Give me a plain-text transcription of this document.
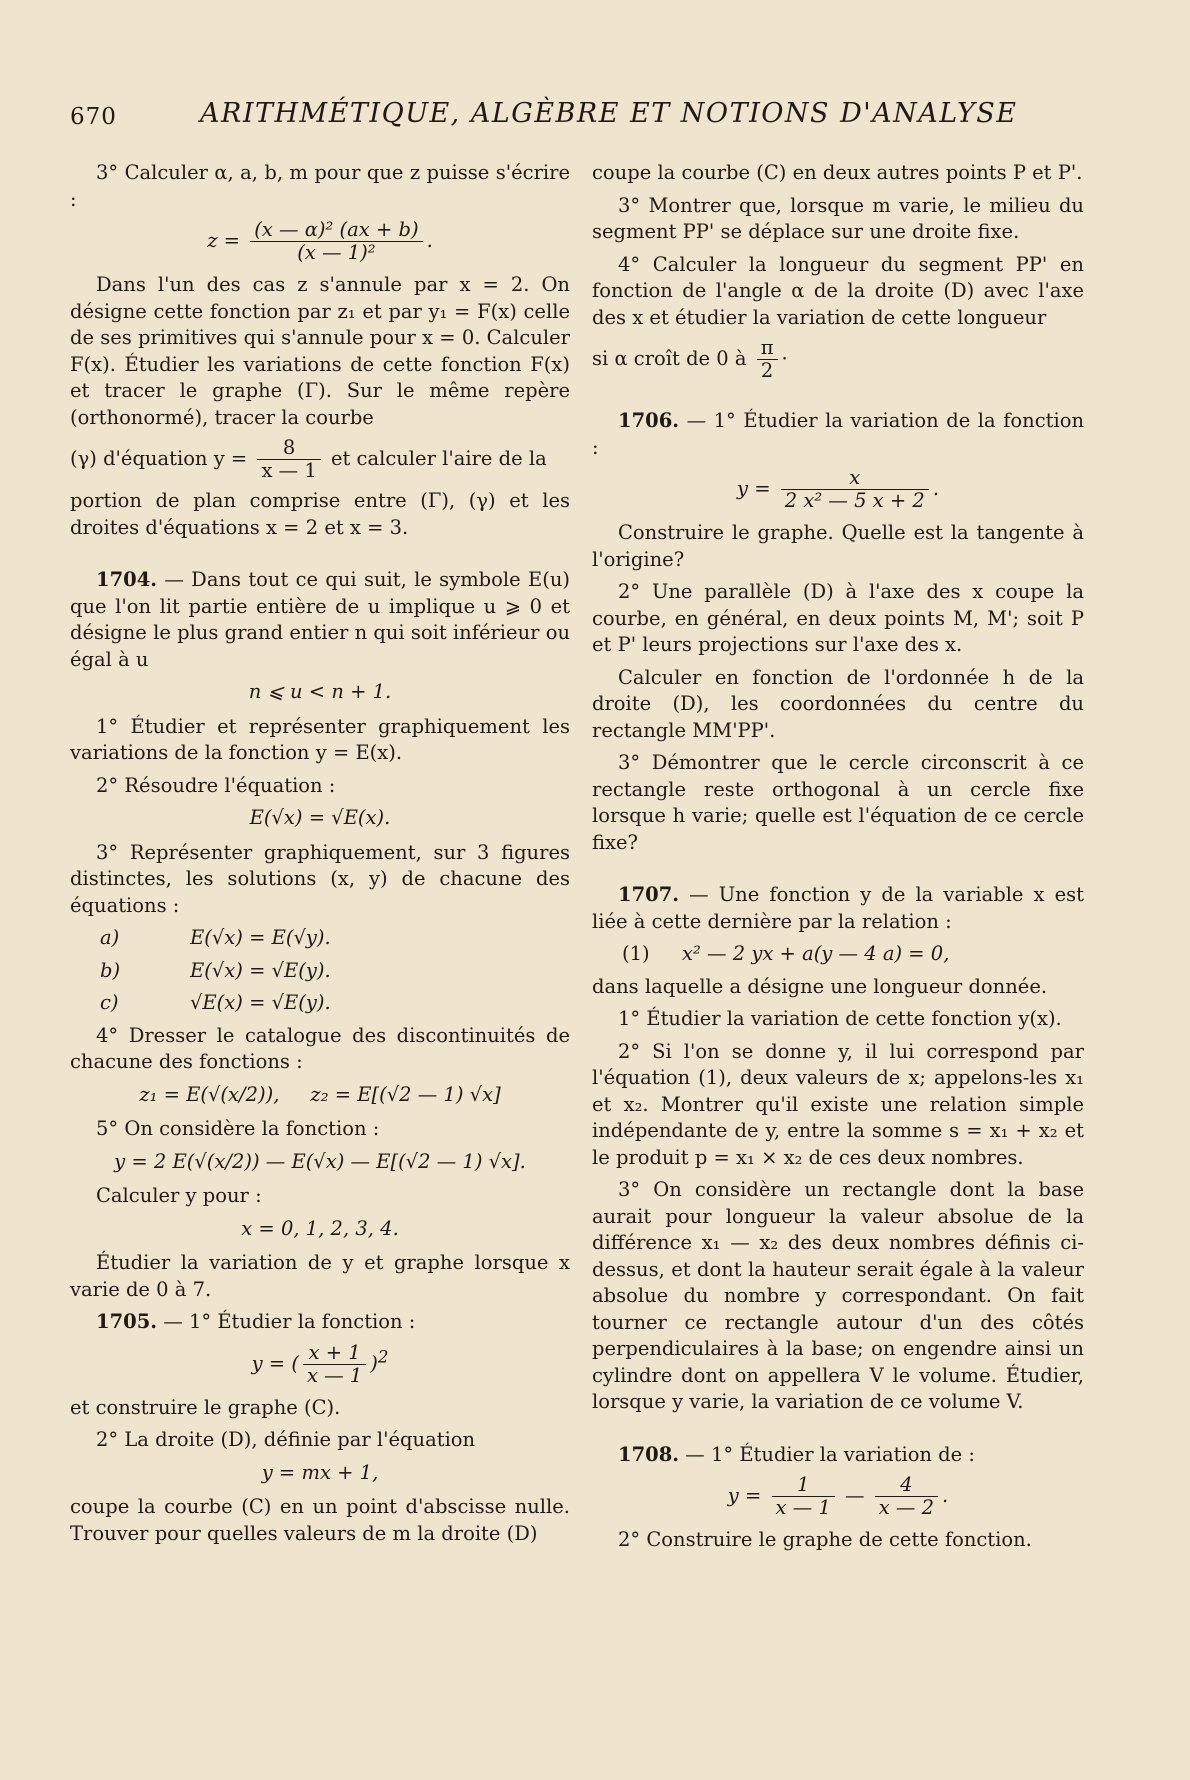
670	ARITHMÉTIQUE, ALGÈBRE ET NOTIONS D'ANALYSE

3° Calculer α, a, b, m pour que z puisse s'écrire :

$z = \frac{\text{(x — α)² (ax + b)}}{\text{(x — 1)²}}$ .

Dans l'un des cas z s'annule par x = 2. On désigne cette fonction par z₁ et par y₁ = F(x) celle de ses primitives qui s'annule pour x = 0. Calculer F(x). Étudier les variations de cette fonction F(x) et tracer le graphe (Γ). Sur le même repère (orthonormé), tracer la courbe

(γ) d'équation $y = \frac{8}{x — 1}$ et calculer l'aire de la

portion de plan comprise entre (Γ), (γ) et les droites d'équations x = 2 et x = 3.

1704. — Dans tout ce qui suit, le symbole E(u) que l'on lit partie entière de u implique u ⩾ 0 et désigne le plus grand entier n qui soit inférieur ou égal à u

n ⩽ u < n + 1.

1° Étudier et représenter graphiquement les variations de la fonction y = E(x).

2° Résoudre l'équation :

E(√x) = √E(x).

3° Représenter graphiquement, sur 3 figures distinctes, les solutions (x, y) de chacune des équations :

a)	E(√x) = E(√y).
b)	E(√x) = √E(y).
c)	√E(x) = √E(y).

4° Dresser le catalogue des discontinuités de chacune des fonctions :

z₁ = E(√(x/2)), z₂ = E[(√2 — 1) √x]

5° On considère la fonction :

y = 2 E(√(x/2)) — E(√x) — E[(√2 — 1) √x].

Calculer y pour :

x = 0, 1, 2, 3, 4.

Étudier la variation de y et graphe lorsque x varie de 0 à 7.

1705. — 1° Étudier la fonction :

y = ( $\frac{x + 1}{x — 1} )^2$

et construire le graphe (C).

2° La droite (D), définie par l'équation

y = mx + 1,

coupe la courbe (C) en un point d'abscisse nulle. Trouver pour quelles valeurs de m la droite (D)

coupe la courbe (C) en deux autres points P et P'.

3° Montrer que, lorsque m varie, le milieu du segment PP' se déplace sur une droite fixe.

4° Calculer la longueur du segment PP' en fonction de l'angle α de la droite (D) avec l'axe des x et étudier la variation de cette longueur

si α croît de 0 à $\frac{\pi}{2}$ ·

1706. — 1° Étudier la variation de la fonction :

$y = \frac{x}{\text{2 x² — 5 x + 2}}$ .

Construire le graphe. Quelle est la tangente à l'origine?

2° Une parallèle (D) à l'axe des x coupe la courbe, en général, en deux points M, M'; soit P et P' leurs projections sur l'axe des x.

Calculer en fonction de l'ordonnée h de la droite (D), les coordonnées du centre du rectangle MM'PP'.

3° Démontrer que le cercle circonscrit à ce rectangle reste orthogonal à un cercle fixe lorsque h varie; quelle est l'équation de ce cercle fixe?

1707. — Une fonction y de la variable x est liée à cette dernière par la relation :

(1)	x² — 2 yx + a(y — 4 a) = 0,

dans laquelle a désigne une longueur donnée.

1° Étudier la variation de cette fonction y(x).

2° Si l'on se donne y, il lui correspond par l'équation (1), deux valeurs de x; appelons-les x₁ et x₂. Montrer qu'il existe une relation simple indépendante de y, entre la somme s = x₁ + x₂ et le produit p = x₁ × x₂ de ces deux nombres.

3° On considère un rectangle dont la base aurait pour longueur la valeur absolue de la différence x₁ — x₂ des deux nombres définis ci-dessus, et dont la hauteur serait égale à la valeur absolue du nombre y correspondant. On fait tourner ce rectangle autour d'un des côtés perpendiculaires à la base; on engendre ainsi un cylindre dont on appellera V le volume. Étudier, lorsque y varie, la variation de ce volume V.

1708. — 1° Étudier la variation de :

$y = \frac{1}{x — 1}$ — $\frac{4}{x — 2}$ .

2° Construire le graphe de cette fonction.
